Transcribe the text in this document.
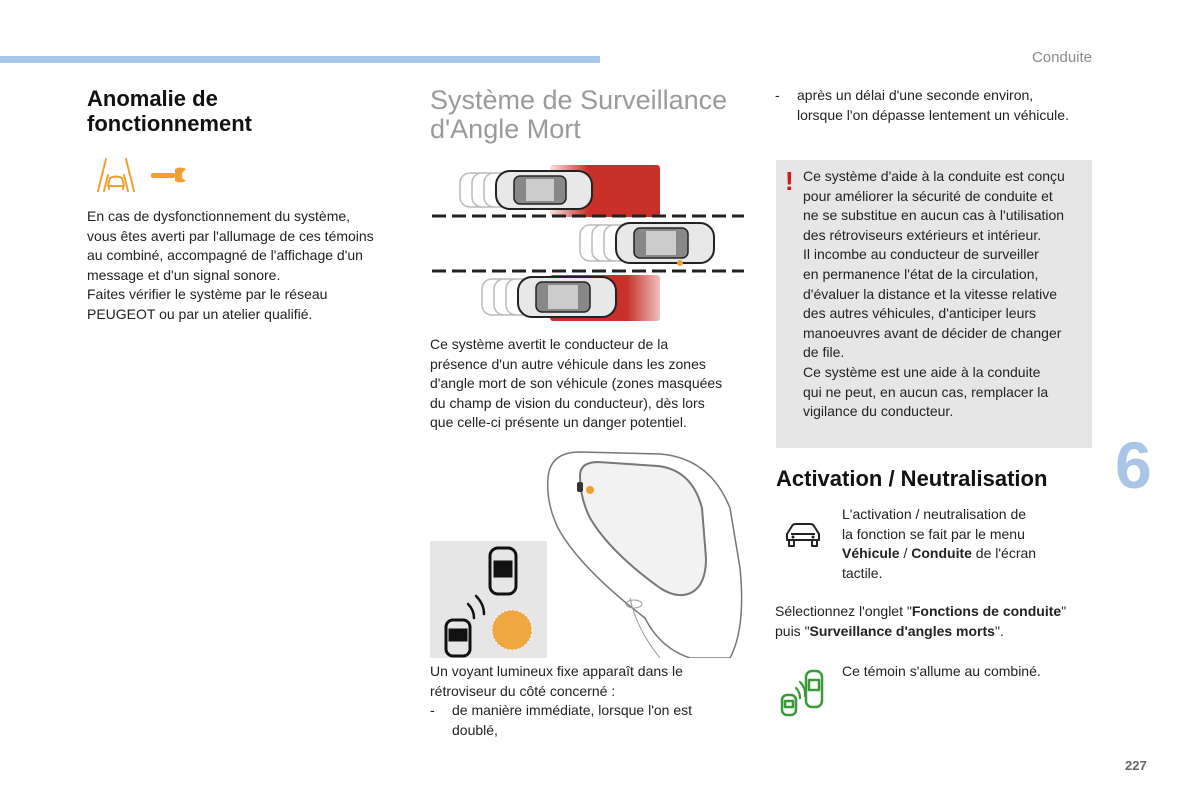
Conduite
6
227
Anomalie de
fonctionnement

En cas de dysfonctionnement du système,
vous êtes averti par l'allumage de ces témoins
au combiné, accompagné de l'affichage d'un
message et d'un signal sonore.
Faites vérifier le système par le réseau
PEUGEOT ou par un atelier qualifié.

Système de Surveillance
d'Angle Mort

Ce système avertit le conducteur de la
présence d'un autre véhicule dans les zones
d'angle mort de son véhicule (zones masquées
du champ de vision du conducteur), dès lors
que celle-ci présente un danger potentiel.

Un voyant lumineux fixe apparaît dans le
rétroviseur du côté concerné :

- de manière immédiate, lorsque l'on est
doublé,
- après un délai d'une seconde environ,
lorsque l'on dépasse lentement un véhicule.
! Ce système d'aide à la conduite est conçu
pour améliorer la sécurité de conduite et
ne se substitue en aucun cas à l'utilisation
des rétroviseurs extérieurs et intérieur.
Il incombe au conducteur de surveiller
en permanence l'état de la circulation,
d'évaluer la distance et la vitesse relative
des autres véhicules, d'anticiper leurs
manoeuvres avant de décider de changer
de file.
Ce système est une aide à la conduite
qui ne peut, en aucun cas, remplacer la
vigilance du conducteur.

Activation / Neutralisation

L'activation / neutralisation de
la fonction se fait par le menu
Véhicule / Conduite de l'écran
tactile.

Sélectionnez l'onglet "Fonctions de conduite"
puis "Surveillance d'angles morts".

Ce témoin s'allume au combiné.
